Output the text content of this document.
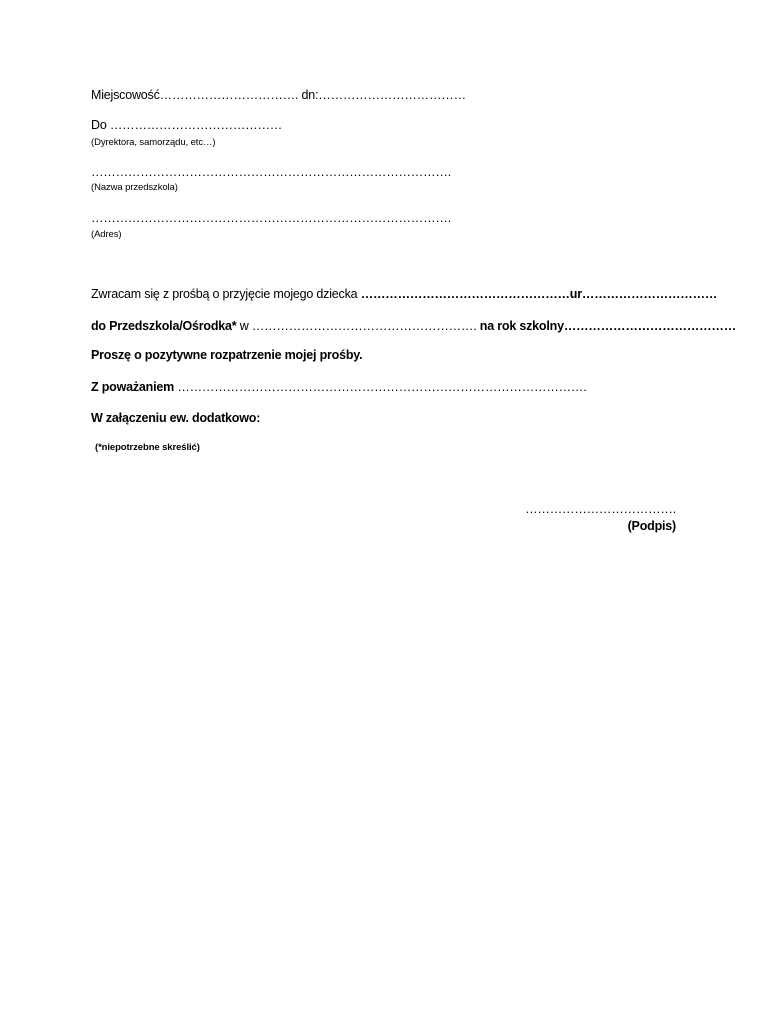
Miejscowość……………………………. dn:………………………………
Do ……………………………………
(Dyrektora, samorządu, etc…)
…………………………………………………………………………….
(Nazwa przedszkola)
…………………………………………………………………………….
(Adres)
Zwracam się z prośbą o przyjęcie mojego dziecka ……………………………………………ur……………………………
do Przedszkola/Ośrodka* w ………………………………………………. na rok szkolny……………………………………
Proszę o pozytywne rozpatrzenie mojej prośby.
Z poważaniem ……………………………………………………………………………………….
W załączeniu ew. dodatkowo:
(*niepotrzebne skreślić)
……………………………….
(Podpis)
